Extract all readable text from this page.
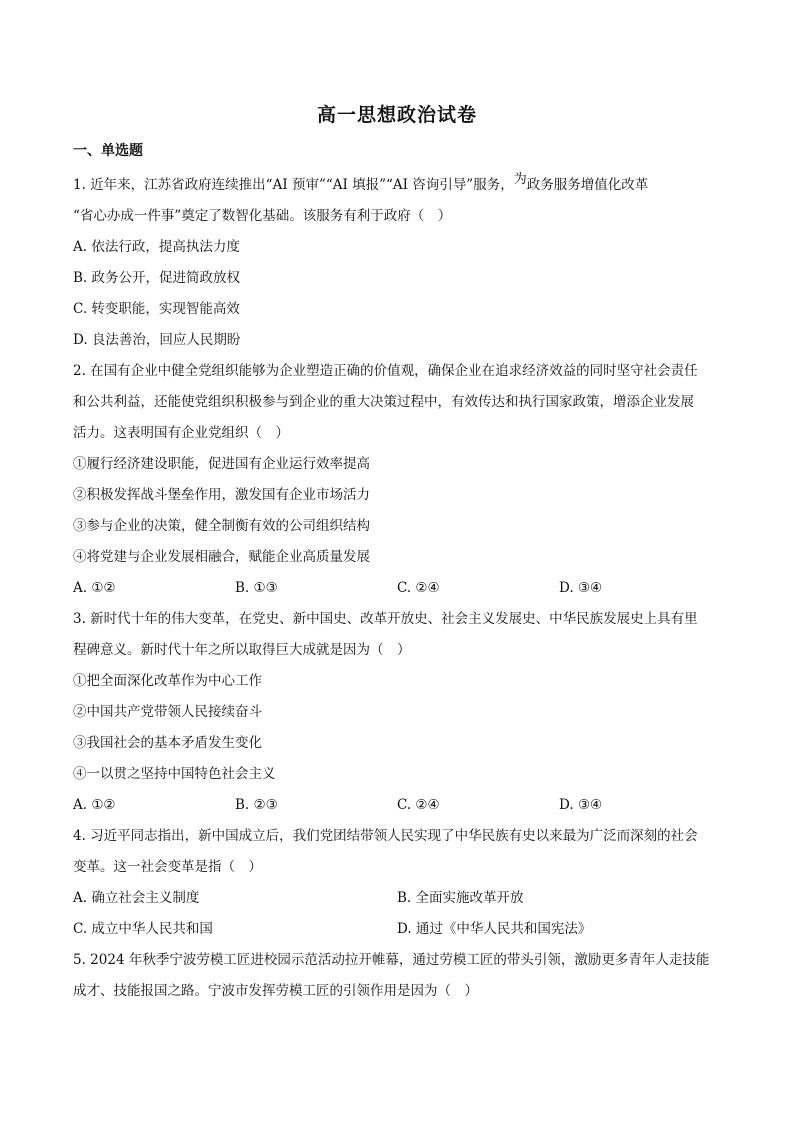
高一思想政治试卷
一、单选题
1. 近年来，江苏省政府连续推出“AI 预审”“AI 填报”“AI 咨询引导”服务，为政务服务增值化改革
“省心办成一件事”奠定了数智化基础。该服务有利于政府（　）
A. 依法行政，提高执法力度
B. 政务公开，促进简政放权
C. 转变职能，实现智能高效
D. 良法善治，回应人民期盼
2. 在国有企业中健全党组织能够为企业塑造正确的价值观，确保企业在追求经济效益的同时坚守社会责任
和公共利益，还能使党组织积极参与到企业的重大决策过程中，有效传达和执行国家政策，增添企业发展
活力。这表明国有企业党组织（　）
①履行经济建设职能，促进国有企业运行效率提高
②积极发挥战斗堡垒作用，激发国有企业市场活力
③参与企业的决策，健全制衡有效的公司组织结构
④将党建与企业发展相融合，赋能企业高质量发展
A. ①②	B. ①③	C. ②④	D. ③④
3. 新时代十年的伟大变革，在党史、新中国史、改革开放史、社会主义发展史、中华民族发展史上具有里
程碑意义。新时代十年之所以取得巨大成就是因为（　）
①把全面深化改革作为中心工作
②中国共产党带领人民接续奋斗
③我国社会的基本矛盾发生变化
④一以贯之坚持中国特色社会主义
A. ①②	B. ②③	C. ②④	D. ③④
4. 习近平同志指出，新中国成立后，我们党团结带领人民实现了中华民族有史以来最为广泛而深刻的社会
变革。这一社会变革是指（　）
A. 确立社会主义制度	B. 全面实施改革开放
C. 成立中华人民共和国	D. 通过《中华人民共和国宪法》
5. 2024 年秋季宁波劳模工匠进校园示范活动拉开帷幕，通过劳模工匠的带头引领，激励更多青年人走技能
成才、技能报国之路。宁波市发挥劳模工匠的引领作用是因为（　）
